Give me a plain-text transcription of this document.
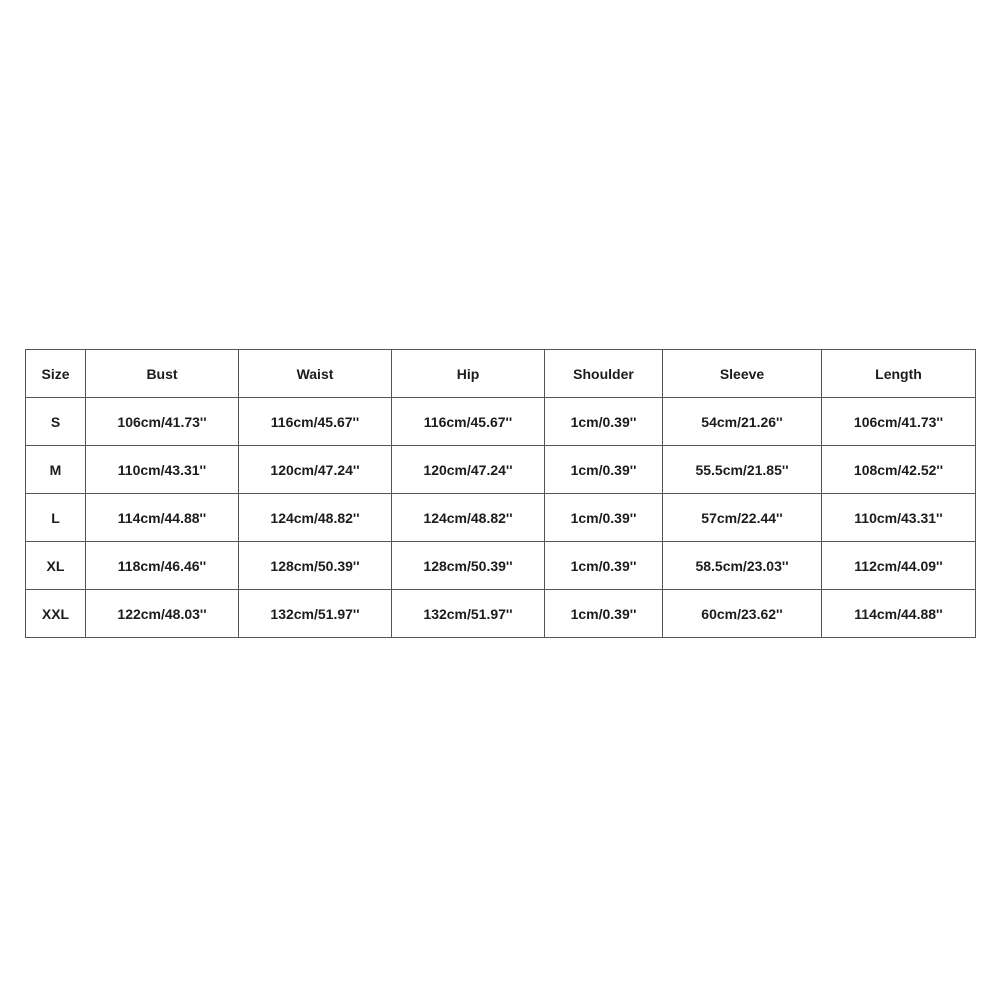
Size	Bust	Waist	Hip	Shoulder	Sleeve	Length
S	106cm/41.73''	116cm/45.67''	116cm/45.67''	1cm/0.39''	54cm/21.26''	106cm/41.73''
M	110cm/43.31''	120cm/47.24''	120cm/47.24''	1cm/0.39''	55.5cm/21.85''	108cm/42.52''
L	114cm/44.88''	124cm/48.82''	124cm/48.82''	1cm/0.39''	57cm/22.44''	110cm/43.31''
XL	118cm/46.46''	128cm/50.39''	128cm/50.39''	1cm/0.39''	58.5cm/23.03''	112cm/44.09''
XXL	122cm/48.03''	132cm/51.97''	132cm/51.97''	1cm/0.39''	60cm/23.62''	114cm/44.88''
